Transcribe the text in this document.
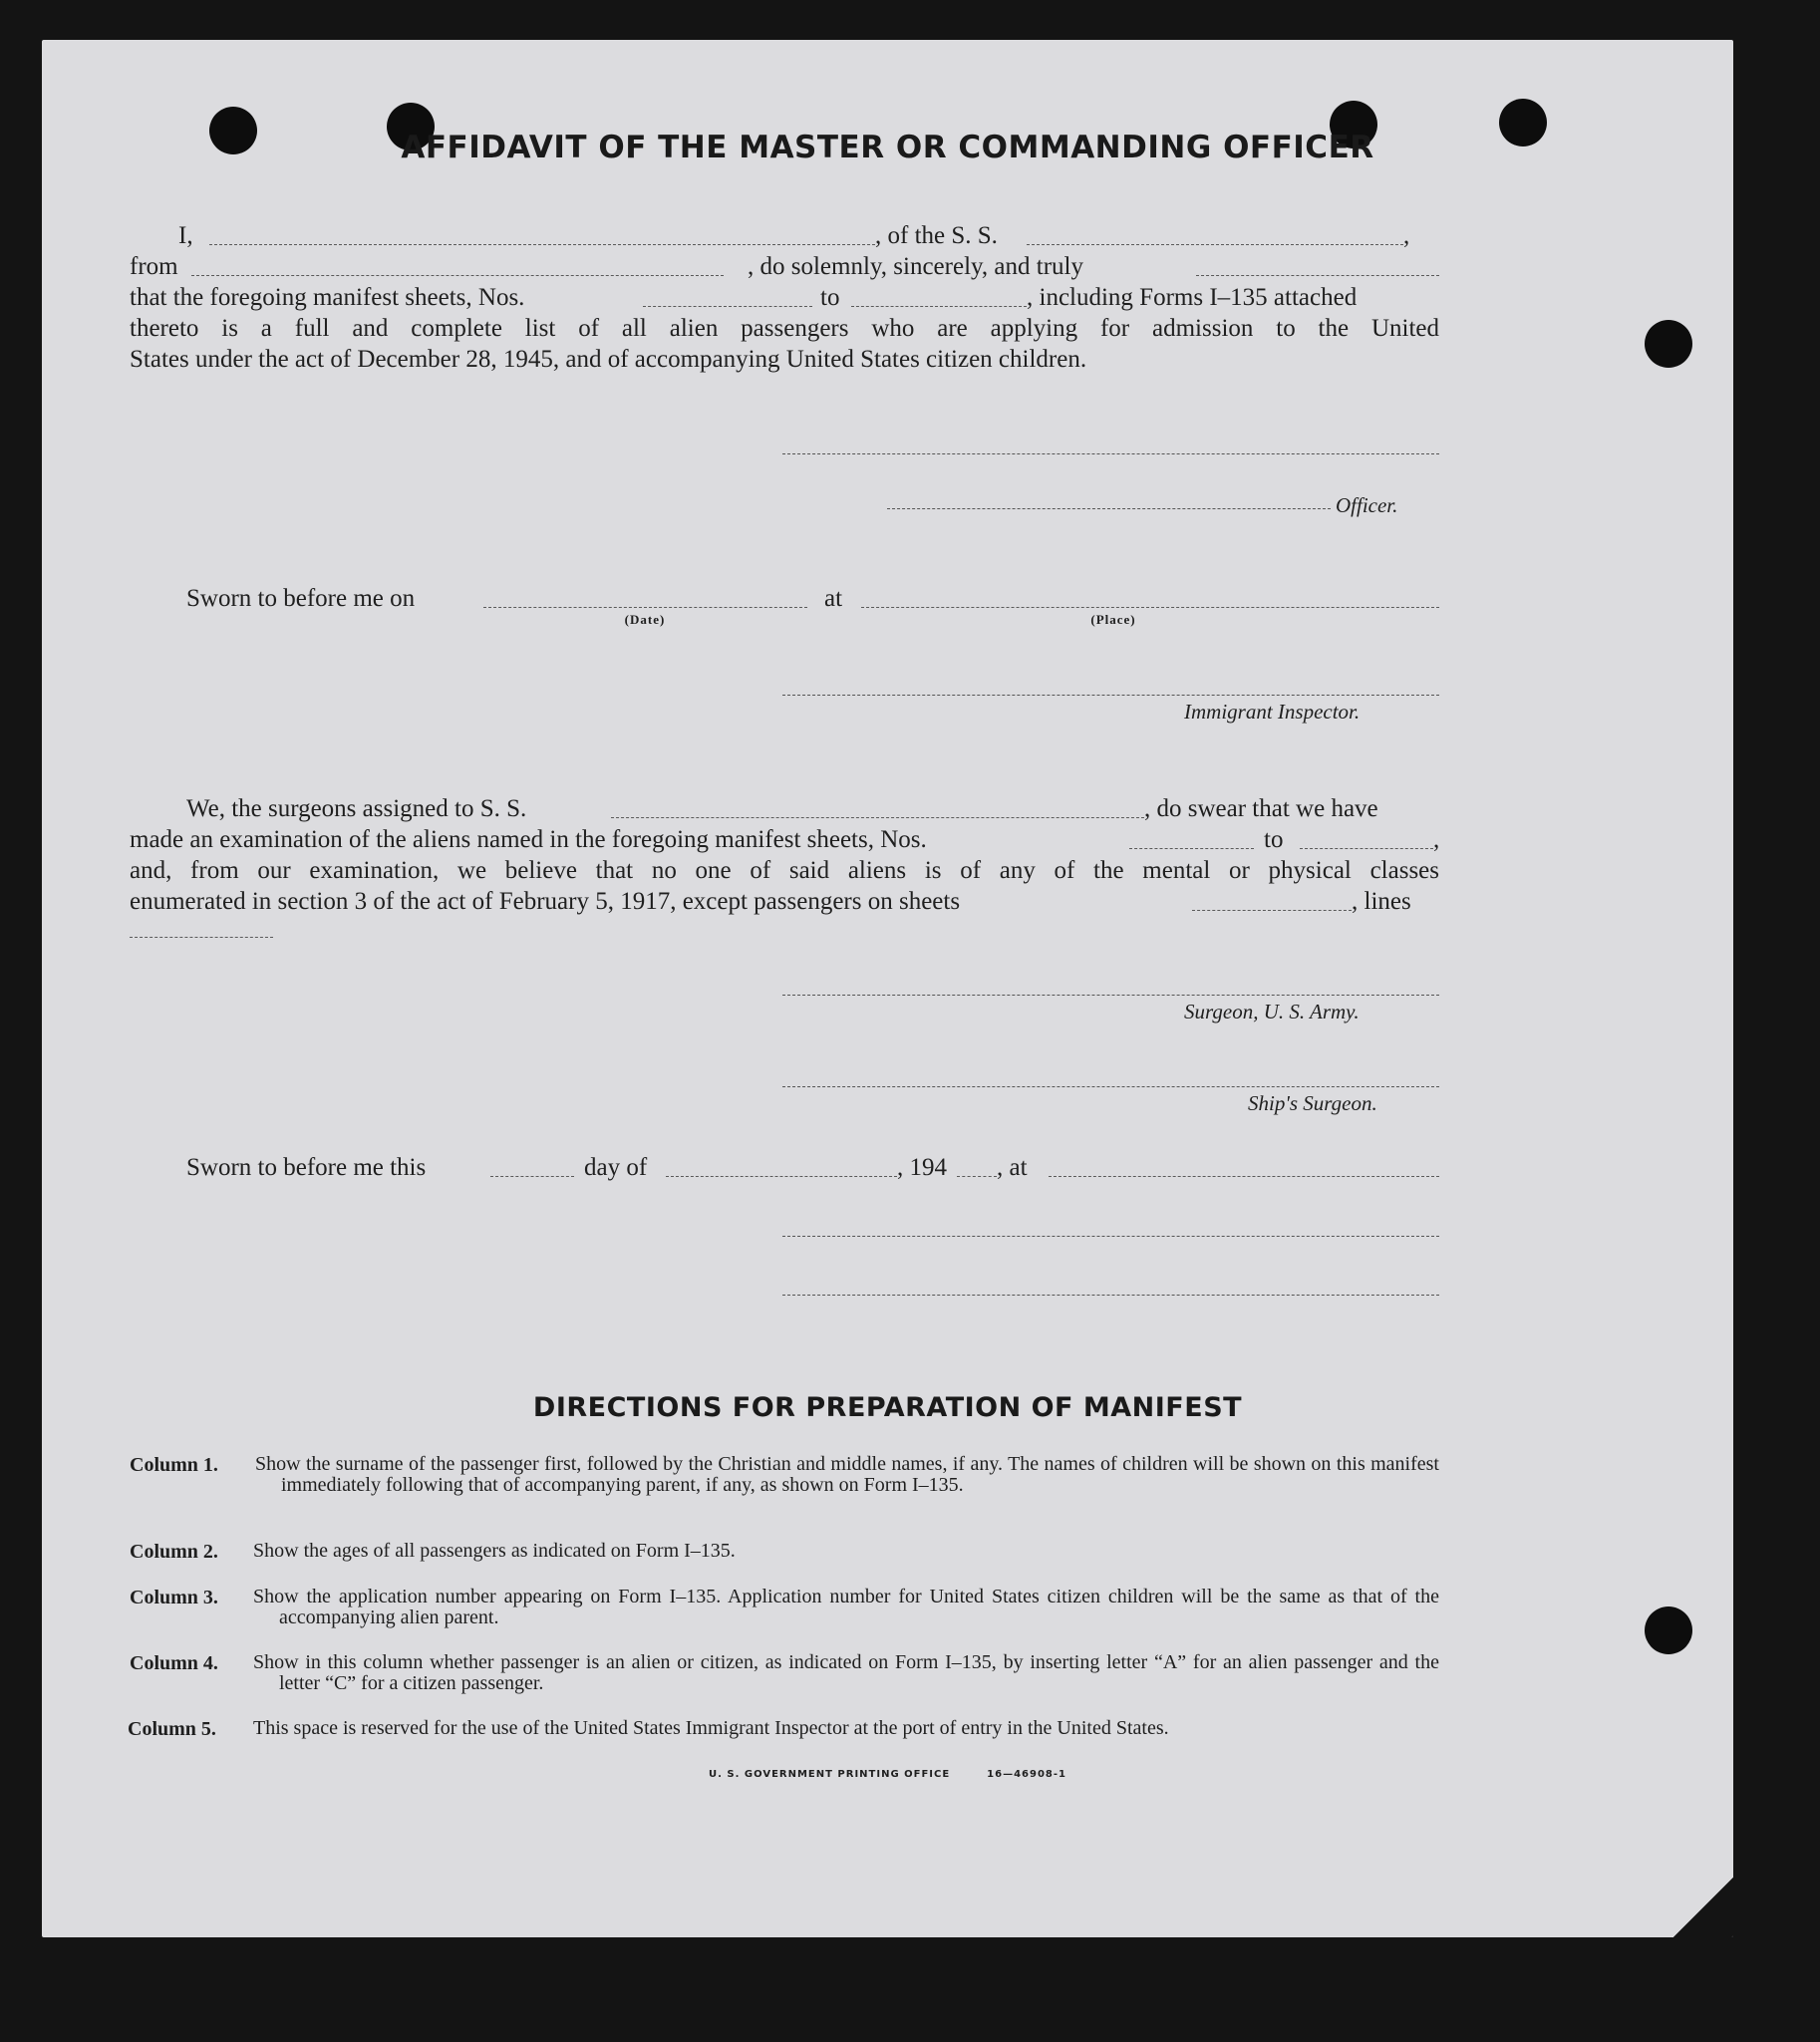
AFFIDAVIT OF THE MASTER OR COMMANDING OFFICER
I,	, of the S. S.	,
from	, do solemnly, sincerely, and truly
that the foregoing manifest sheets, Nos.	to	, including Forms I–135 attached
thereto is a full and complete list of all alien passengers who are applying for admission to the United
States under the act of December 28, 1945, and of accompanying United States citizen children.
Officer.
Sworn to before me on
(Date)
at
(Place)
Immigrant Inspector.
We, the surgeons assigned to S. S.	, do swear that we have
made an examination of the aliens named in the foregoing manifest sheets, Nos.	to	,
and, from our examination, we believe that no one of said aliens is of any of the mental or physical classes
enumerated in section 3 of the act of February 5, 1917, except passengers on sheets	, lines
Surgeon, U. S. Army.
Ship's Surgeon.
Sworn to before me this	day of	, 194 , at
DIRECTIONS FOR PREPARATION OF MANIFEST
Column 1. Show the surname of the passenger first, followed by the Christian and middle names, if any. The names of children will be shown on this manifest immediately following that of accompanying parent, if any, as shown on Form I–135.
Column 2. Show the ages of all passengers as indicated on Form I–135.
Column 3. Show the application number appearing on Form I–135. Application number for United States citizen children will be the same as that of the accompanying alien parent.
Column 4. Show in this column whether passenger is an alien or citizen, as indicated on Form I–135, by inserting letter “A” for an alien passenger and the letter “C” for a citizen passenger.
Column 5. This space is reserved for the use of the United States Immigrant Inspector at the port of entry in the United States.
U. S. GOVERNMENT PRINTING OFFICE	16—46908-1
